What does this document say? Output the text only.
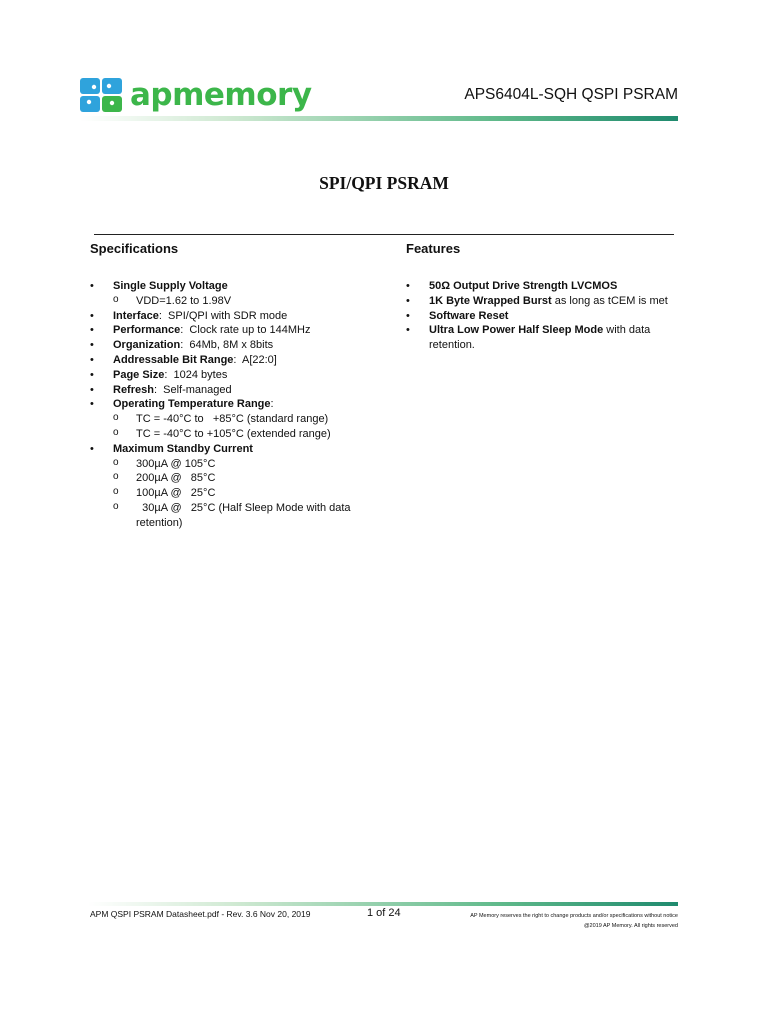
apmemory	APS6404L-SQH QSPI PSRAM
SPI/QPI PSRAM
Specifications
• Single Supply Voltage
o VDD=1.62 to 1.98V
• Interface:  SPI/QPI with SDR mode
• Performance:  Clock rate up to 144MHz
• Organization:  64Mb, 8M x 8bits
• Addressable Bit Range:  A[22:0]
• Page Size:  1024 bytes
• Refresh:  Self-managed
• Operating Temperature Range:
o TC = -40°C to   +85°C (standard range)
o TC = -40°C to +105°C (extended range)
• Maximum Standby Current
o 300µA @ 105°C
o 200µA @   85°C
o 100µA @   25°C
o   30µA @   25°C (Half Sleep Mode with data retention)
Features
• 50Ω Output Drive Strength LVCMOS
• 1K Byte Wrapped Burst as long as tCEM is met
• Software Reset
• Ultra Low Power Half Sleep Mode with data retention.
APM QSPI PSRAM Datasheet.pdf - Rev. 3.6 Nov 20, 2019	1 of 24	AP Memory reserves the right to change products and/or specifications without notice
@2019 AP Memory. All rights reserved
